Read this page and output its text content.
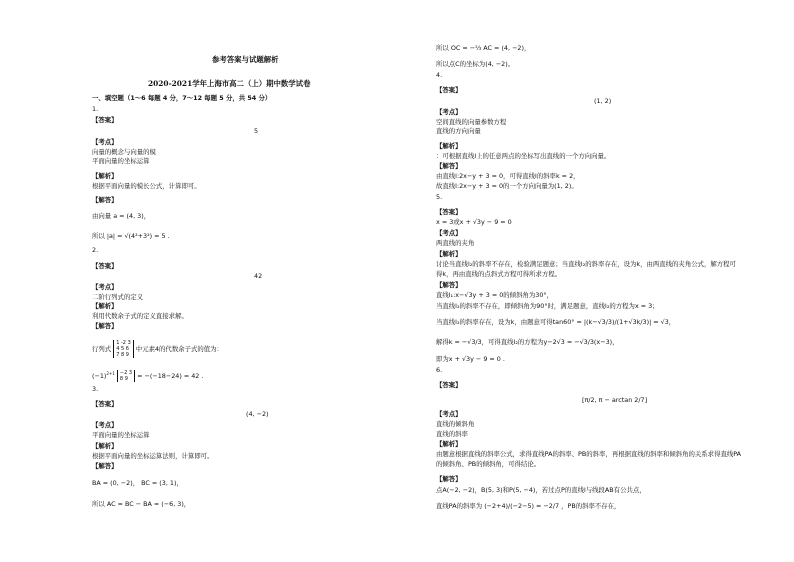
参考答案与试题解析
2020-2021学年上海市高二（上）期中数学试卷
一、填空题（1～6 每题 4 分，7～12 每题 5 分，共 54 分）
1.
【答案】
5
【考点】
向量的概念与向量的模
平面向量的坐标运算
【解析】
根据平面向量的模长公式，计算即可。
【解答】
由向量 a = (4, 3)，
所以 |a| = √(4²+3²) = 5 .
2.
【答案】
42
【考点】
二阶行列式的定义
【解析】
利用代数余子式的定义直接求解。
【解答】
行列式
1 -2 3
4 5 6
7 8 9
中元素4的代数余子式的值为：
$(-1)^{2+1} -2$ 3
8 9	= −(−18−24) = 42 .
3.
【答案】
(4, −2)
【考点】
平面向量的坐标运算
【解析】
根据平面向量的坐标运算法则，计算即可。
【解答】
BA = (0, −2)， BC = (3, 1)，
所以 AC = BC − BA = (−6, 3)，
所以 OC = −⅔ AC = (4, −2)，
所以点C的坐标为(4, −2)。
4.
【答案】
(1, 2)
【考点】
空间直线的向量参数方程
直线的方向向量
【解析】
：可根据直线l上的任意两点的坐标写出直线的一个方向向量。
【解答】
由直线l:2x−y + 3 = 0，可得直线l的斜率k = 2，
故直线l:2x−y + 3 = 0的一个方向向量为(1, 2)。
5.
【答案】
x = 3或x + √3y − 9 = 0
【考点】
两直线的夹角
【解析】
讨论当直线l₂的斜率不存在，检验满足题意；当直线l₂的斜率存在，设为k，由两直线的夹角公式，解方程可
得k，再由直线的点斜式方程可得所求方程。
【解答】
直线l₁:x−√3y + 3 = 0的倾斜角为30°，
当直线l₂的斜率不存在，即倾斜角为90°时，满足题意，直线l₂的方程为x = 3；
当直线l₂的斜率存在，设为k，由题意可得tan60° = |(k−√3/3)/(1+√3k/3)| = √3，
解得k = −√3/3，可得直线l₂的方程为y−2√3 = −√3/3(x−3)，
即为x + √3y − 9 = 0 .
6.
【答案】
[π/2, π − arctan 2/7]
【考点】
直线的倾斜角
直线的斜率
【解析】
由题意根据直线的斜率公式，求得直线PA的斜率、PB的斜率，再根据直线的斜率和倾斜角的关系求得直线PA
的倾斜角、PB的倾斜角，可得结论。
【解答】
点A(−2, −2)，B(5, 3)和P(5, −4)，若过点P的直线l与线段AB有公共点，
直线PA的斜率为 (−2+4)/(−2−5) = −2/7 ，PB的斜率不存在，
